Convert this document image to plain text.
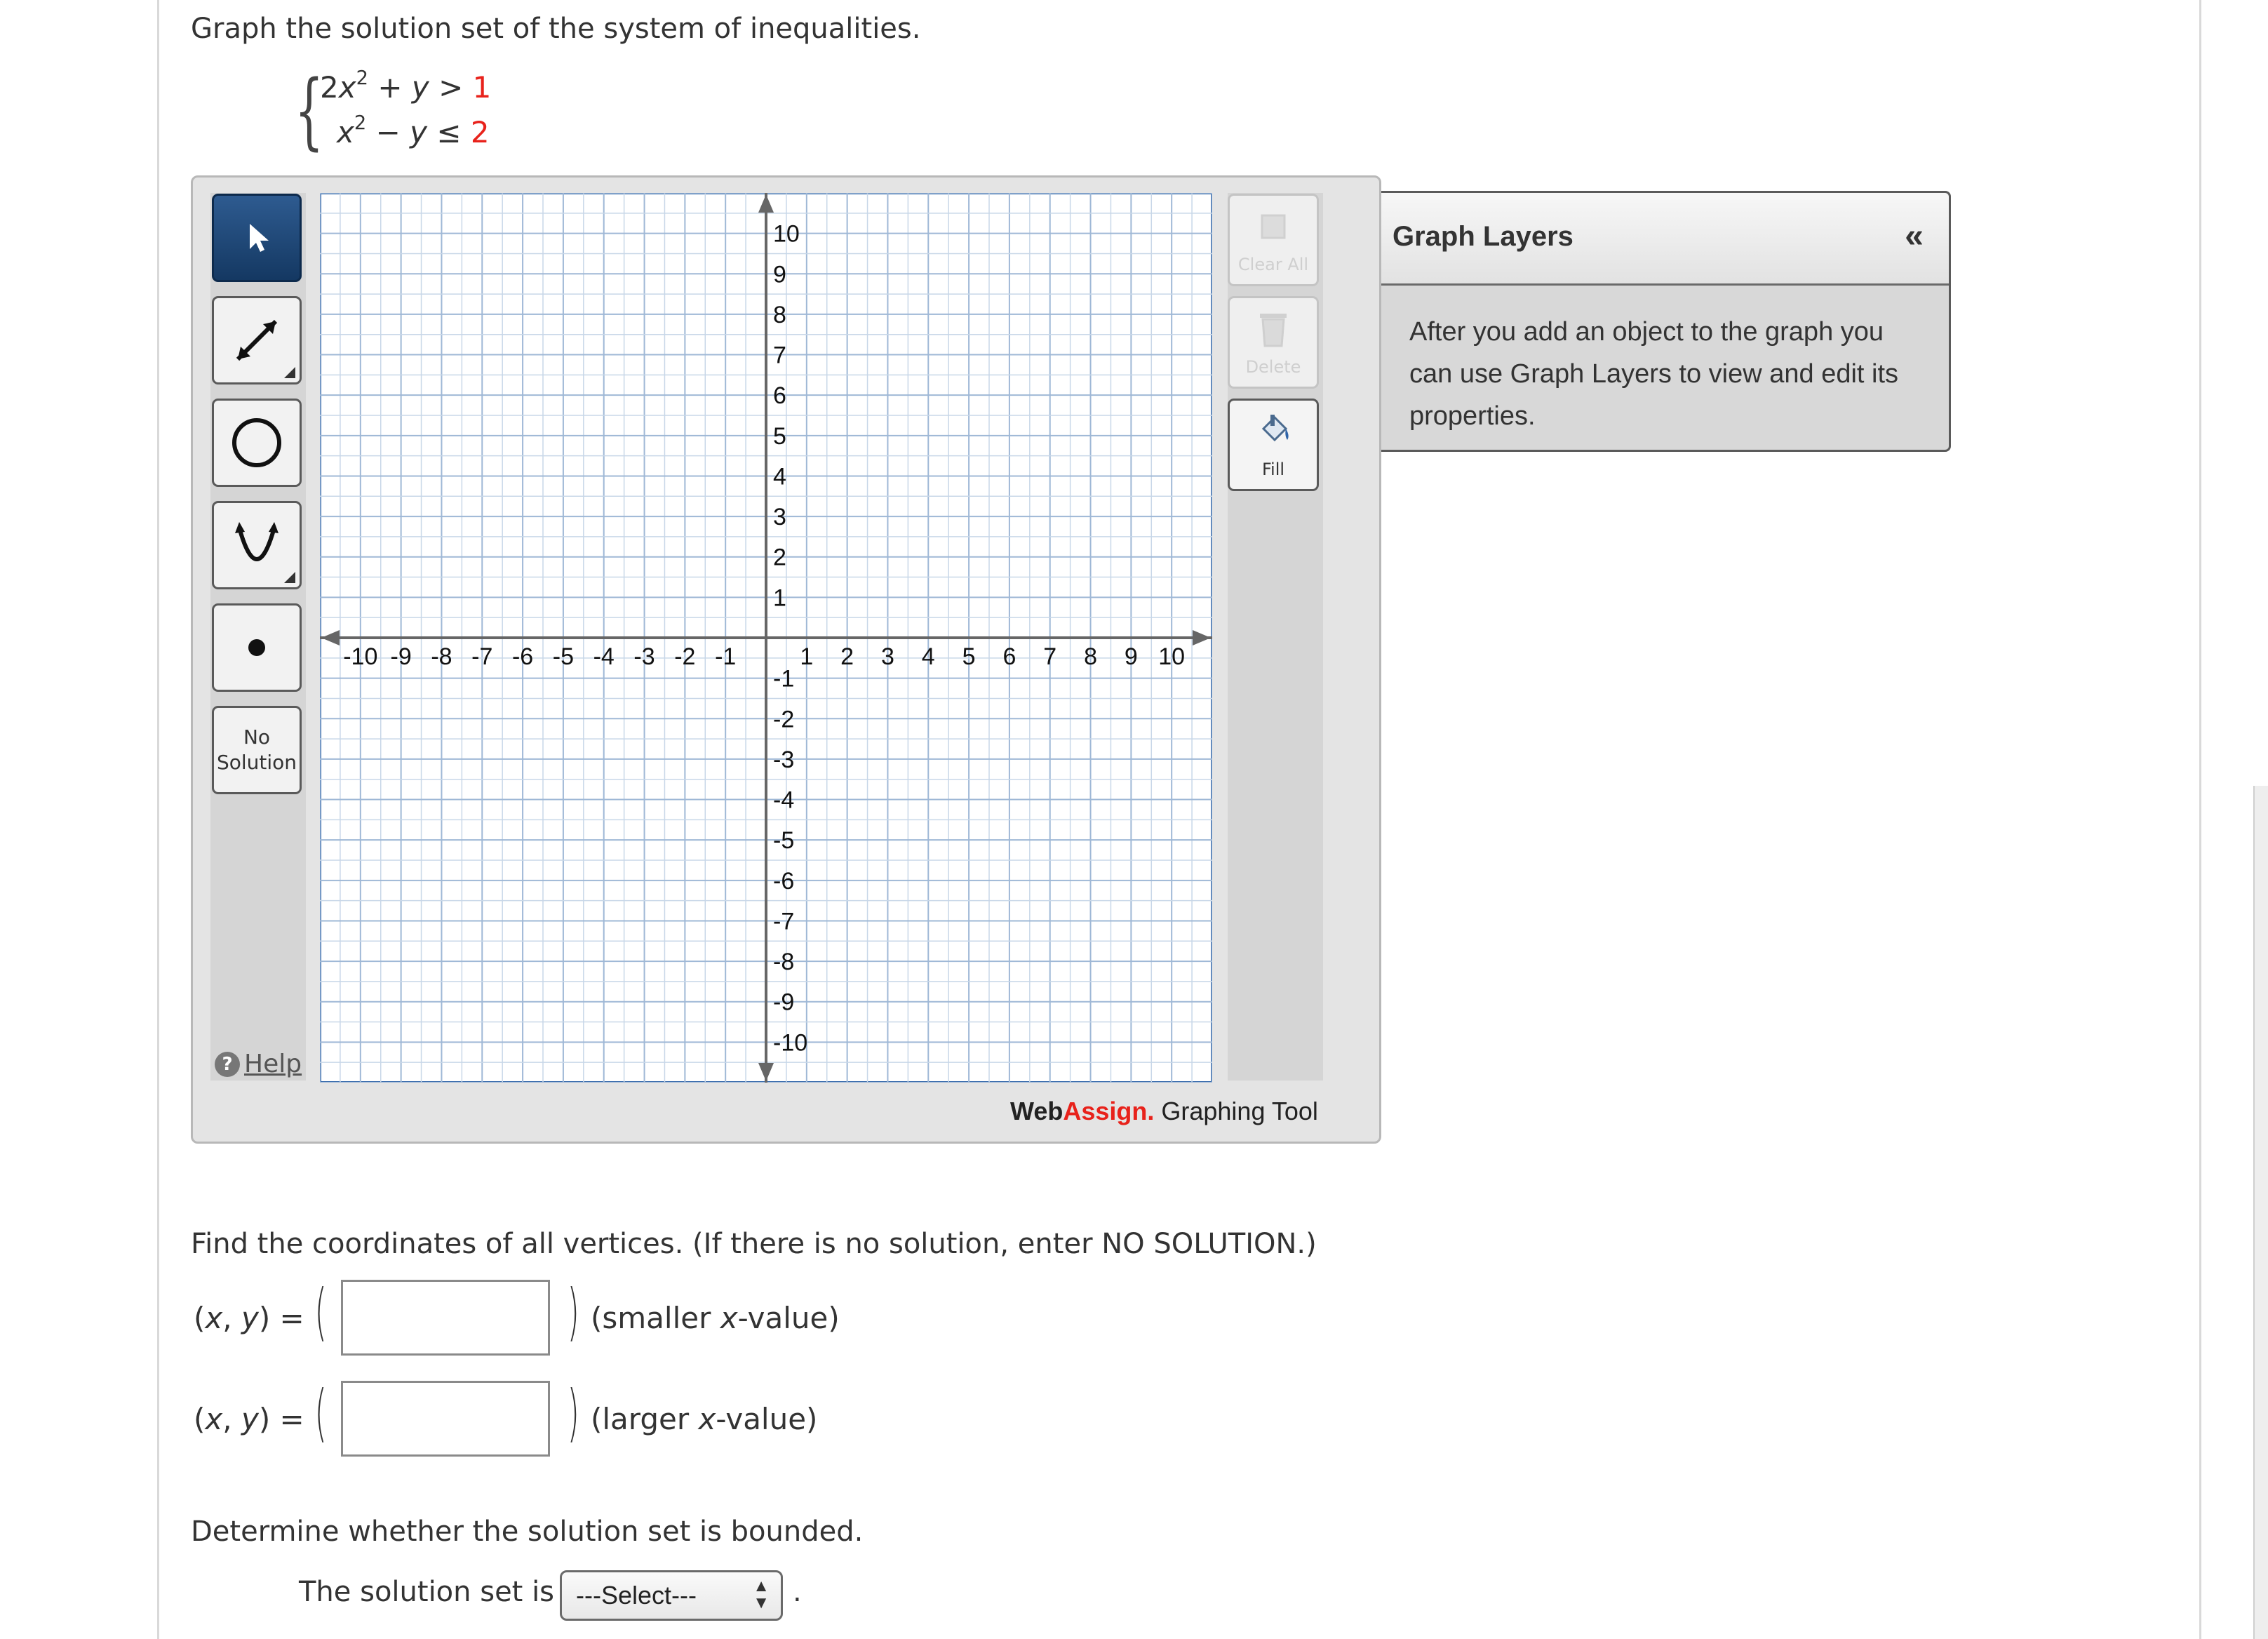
Graph the solution set of the system of inequalities.
{
$2x^2 + y > 1$
$x^2 - y \le 2$
No
Solution
? Help
Clear All
Delete
Fill
-10 -9 -8 -7 -6 -5 -4 -3 -2 -1	1 2 3 4 5 6 7 8 9 10
10
9
8
7
6
5
4
3
2
1
-1
-2
-3
-4
-5
-6
-7
-8
-9
-10
WebAssign. Graphing Tool
Graph Layers	«
After you add an object to the graph you can use Graph Layers to view and edit its properties.
Find the coordinates of all vertices. (If there is no solution, enter NO SOLUTION.)
(x, y) = (	) (smaller x-value)
(x, y) = (	) (larger x-value)
Determine whether the solution set is bounded.
The solution set is ---Select---	▲
▼ .
